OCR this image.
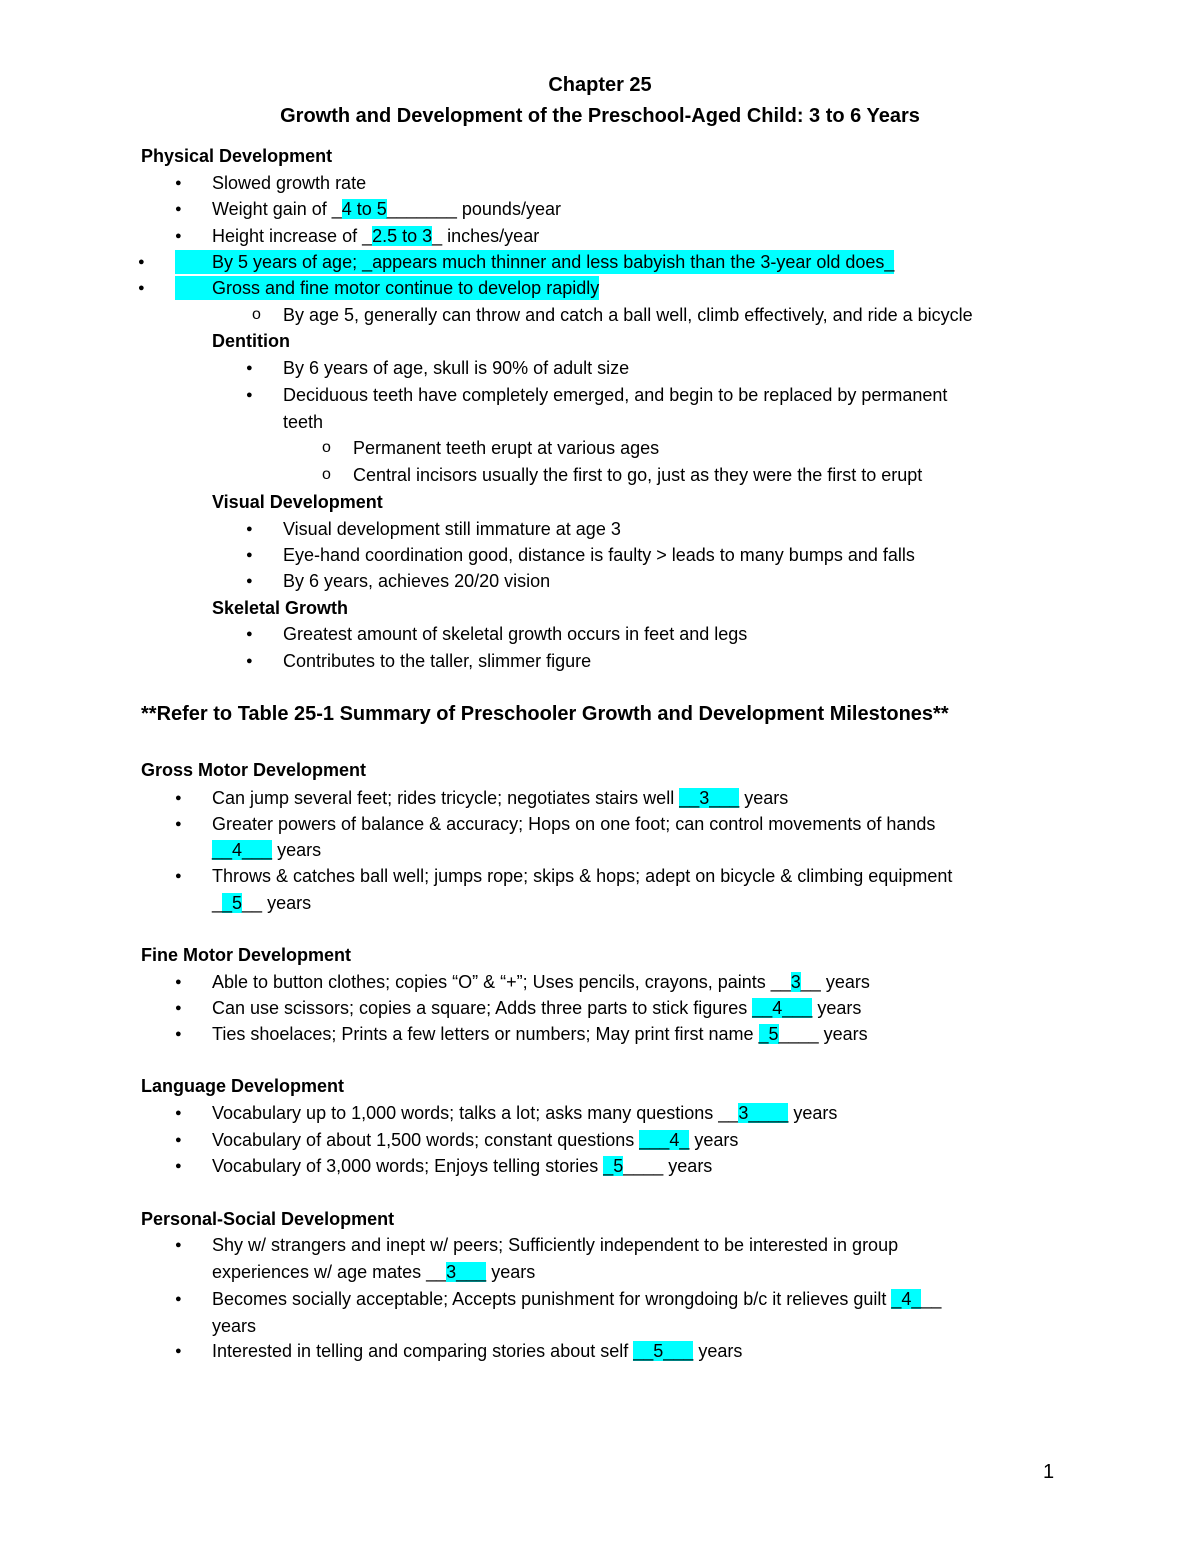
Chapter 25
Growth and Development of the Preschool-Aged Child: 3 to 6 Years
Physical Development
● Slowed growth rate
● Weight gain of _4 to 5_______ pounds/year
● Height increase of _2.5 to 3_ inches/year
● By 5 years of age; _appears much thinner and less babyish than the 3-year old does_
● Gross and fine motor continue to develop rapidly
o By age 5, generally can throw and catch a ball well, climb effectively, and ride a bicycle
Dentition
● By 6 years of age, skull is 90% of adult size
● Deciduous teeth have completely emerged, and begin to be replaced by permanent
teeth
o Permanent teeth erupt at various ages
o Central incisors usually the first to go, just as they were the first to erupt
Visual Development
● Visual development still immature at age 3
● Eye-hand coordination good, distance is faulty > leads to many bumps and falls
● By 6 years, achieves 20/20 vision
Skeletal Growth
● Greatest amount of skeletal growth occurs in feet and legs
● Contributes to the taller, slimmer figure
**Refer to Table 25-1 Summary of Preschooler Growth and Development Milestones**
Gross Motor Development
● Can jump several feet; rides tricycle; negotiates stairs well __3___ years
● Greater powers of balance & accuracy; Hops on one foot; can control movements of hands
__4___ years
● Throws & catches ball well; jumps rope; skips & hops; adept on bicycle & climbing equipment
__5__ years
Fine Motor Development
● Able to button clothes; copies “O” & “+”; Uses pencils, crayons, paints __3__ years
● Can use scissors; copies a square; Adds three parts to stick figures __4___ years
● Ties shoelaces; Prints a few letters or numbers; May print first name _5____ years
Language Development
● Vocabulary up to 1,000 words; talks a lot; asks many questions __3____ years
● Vocabulary of about 1,500 words; constant questions ___4_ years
● Vocabulary of 3,000 words; Enjoys telling stories _5____ years
Personal-Social Development
● Shy w/ strangers and inept w/ peers; Sufficiently independent to be interested in group
experiences w/ age mates __3___ years
● Becomes socially acceptable; Accepts punishment for wrongdoing b/c it relieves guilt _4___
years
● Interested in telling and comparing stories about self __5___ years
1
